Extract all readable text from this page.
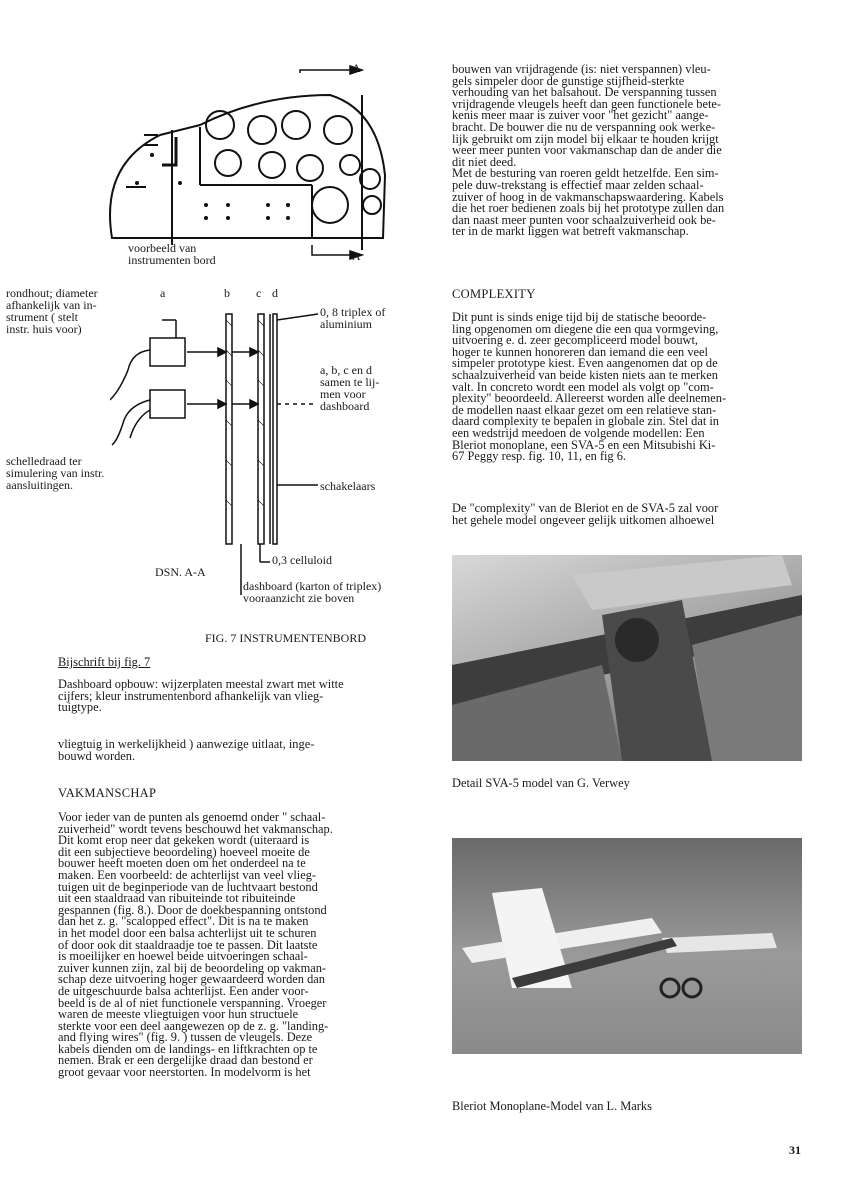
A
A
voorbeeld van
instrumenten bord
a	b c d
rondhout; diameter
afhankelijk van in-
strument ( stelt
instr. huis voor)
schelledraad ter
simulering van instr.
aansluitingen.
0, 8 triplex of
aluminium
a, b, c en d
samen te lij-
men voor
dashboard
schakelaars
0,3 celluloid
DSN. A-A
dashboard (karton of triplex)
vooraanzicht zie boven
FIG. 7 INSTRUMENTENBORD
Bijschrift bij fig. 7
Dashboard opbouw: wijzerplaten meestal zwart met witte
cijfers; kleur instrumentenbord afhankelijk van vlieg-
tuigtype.
vliegtuig in werkelijkheid ) aanwezige uitlaat, inge-
bouwd worden.
VAKMANSCHAP
Voor ieder van de punten als genoemd onder " schaal-
zuiverheid" wordt tevens beschouwd het vakmanschap.
Dit komt erop neer dat gekeken wordt (uiteraard is
dit een subjectieve beoordeling) hoeveel moeite de
bouwer heeft moeten doen om het onderdeel na te
maken. Een voorbeeld: de achterlijst van veel vlieg-
tuigen uit de beginperiode van de luchtvaart bestond
uit een staaldraad van ribuiteinde tot ribuiteinde
gespannen (fig. 8.). Door de doekbespanning ontstond
dan het z. g. "scalopped effect". Dit is na te maken
in het model door een balsa achterlijst uit te schuren
of door ook dit staaldraadje toe te passen. Dit laatste
is moeilijker en hoewel beide uitvoeringen schaal-
zuiver kunnen zijn, zal bij de beoordeling op vakman-
schap deze uitvoering hoger gewaardeerd worden dan
de uitgeschuurde balsa achterlijst. Een ander voor-
beeld is de al of niet functionele verspanning. Vroeger
waren de meeste vliegtuigen voor hun structuele
sterkte voor een deel aangewezen op de z. g. "landing-
and flying wires" (fig. 9. ) tussen de vleugels. Deze
kabels dienden om de landings- en liftkrachten op te
nemen. Brak er een dergelijke draad dan bestond er
groot gevaar voor neerstorten. In modelvorm is het
bouwen van vrijdragende (is: niet verspannen) vleu-
gels simpeler door de gunstige stijfheid-sterkte
verhouding van het balsahout. De verspanning tussen
vrijdragende vleugels heeft dan geen functionele bete-
kenis meer maar is zuiver voor "het gezicht" aange-
bracht. De bouwer die nu de verspanning ook werke-
lijk gebruikt om zijn model bij elkaar te houden krijgt
weer meer punten voor vakmanschap dan de ander die
dit niet deed.
Met de besturing van roeren geldt hetzelfde. Een sim-
pele duw-trekstang is effectief maar zelden schaal-
zuiver of hoog in de vakmanschapswaardering. Kabels
die het roer bedienen zoals bij het prototype zullen dan
dan naast meer punten voor schaalzuiverheid ook be-
ter in de markt liggen wat betreft vakmanschap.
COMPLEXITY
Dit punt is sinds enige tijd bij de statische beoorde-
ling opgenomen om diegene die een qua vormgeving,
uitvoering e. d. zeer gecompliceerd model bouwt,
hoger te kunnen honoreren dan iemand die een veel
simpeler prototype kiest. Even aangenomen dat op de
schaalzuiverheid van beide kisten niets aan te merken
valt. In concreto wordt een model als volgt op "com-
plexity" beoordeeld. Allereerst worden alle deelnemen-
de modellen naast elkaar gezet om een relatieve stan-
daard complexity te bepalen in globale zin. Stel dat in
een wedstrijd meedoen de volgende modellen: Een
Bleriot monoplane, een SVA-5 en een Mitsubishi Ki-
67 Peggy resp. fig. 10, 11, en fig 6.
De "complexity" van de Bleriot en de SVA-5 zal voor
het gehele model ongeveer gelijk uitkomen alhoewel
Detail SVA-5 model van G. Verwey
Bleriot Monoplane-Model van L. Marks
31
